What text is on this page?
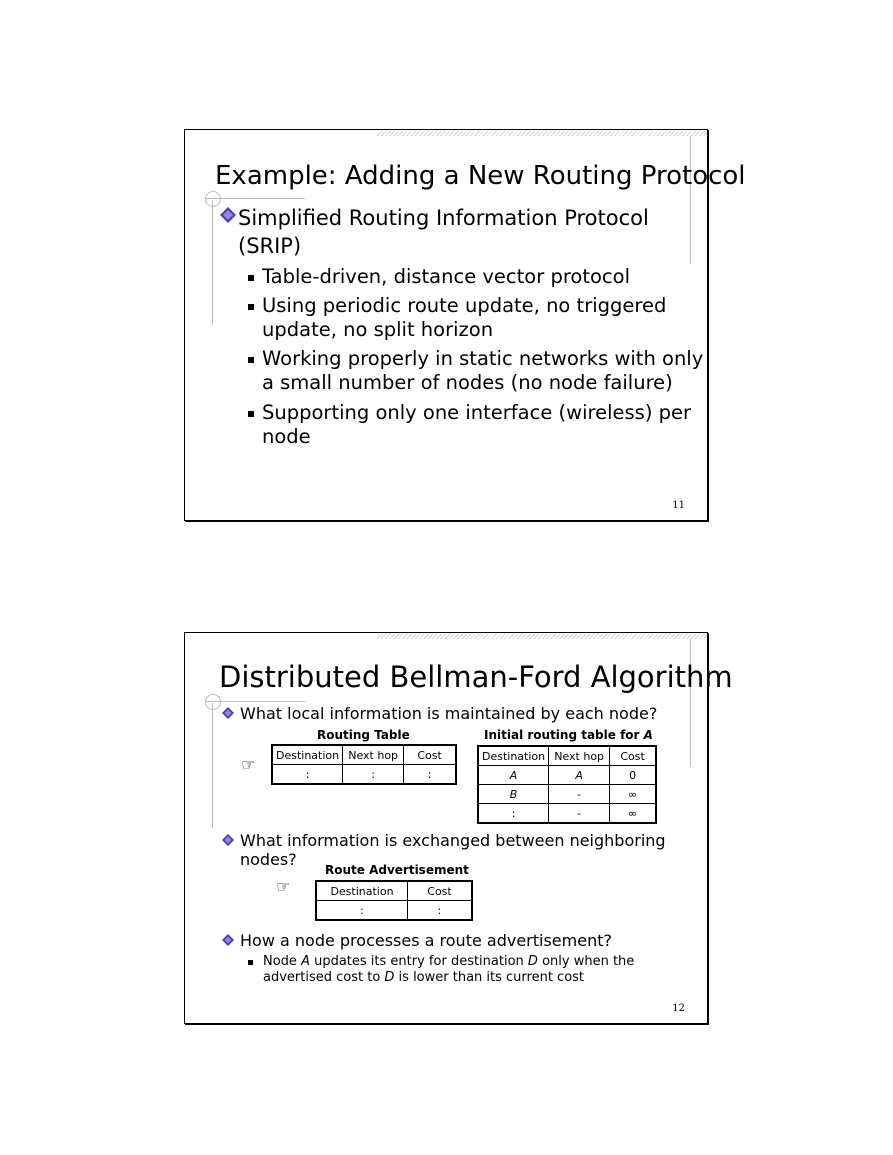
Example: Adding a New Routing Protocol
Simplified Routing Information Protocol
(SRIP)
Table-driven, distance vector protocol
Using periodic route update, no triggered
update, no split horizon
Working properly in static networks with only
a small number of nodes (no node failure)
Supporting only one interface (wireless) per
node
11
Distributed Bellman-Ford Algorithm
What local information is maintained by each node?
☞
Routing Table
Destination	Next hop	Cost
:	:	:
Initial routing table for A
Destination	Next hop	Cost
A	A	0
B	-	∞
:	-	∞
What information is exchanged between neighboring
nodes?
☞
Route Advertisement
Destination	Cost
:	:
How a node processes a route advertisement?
Node A updates its entry for destination D only when the
advertised cost to D is lower than its current cost
12
